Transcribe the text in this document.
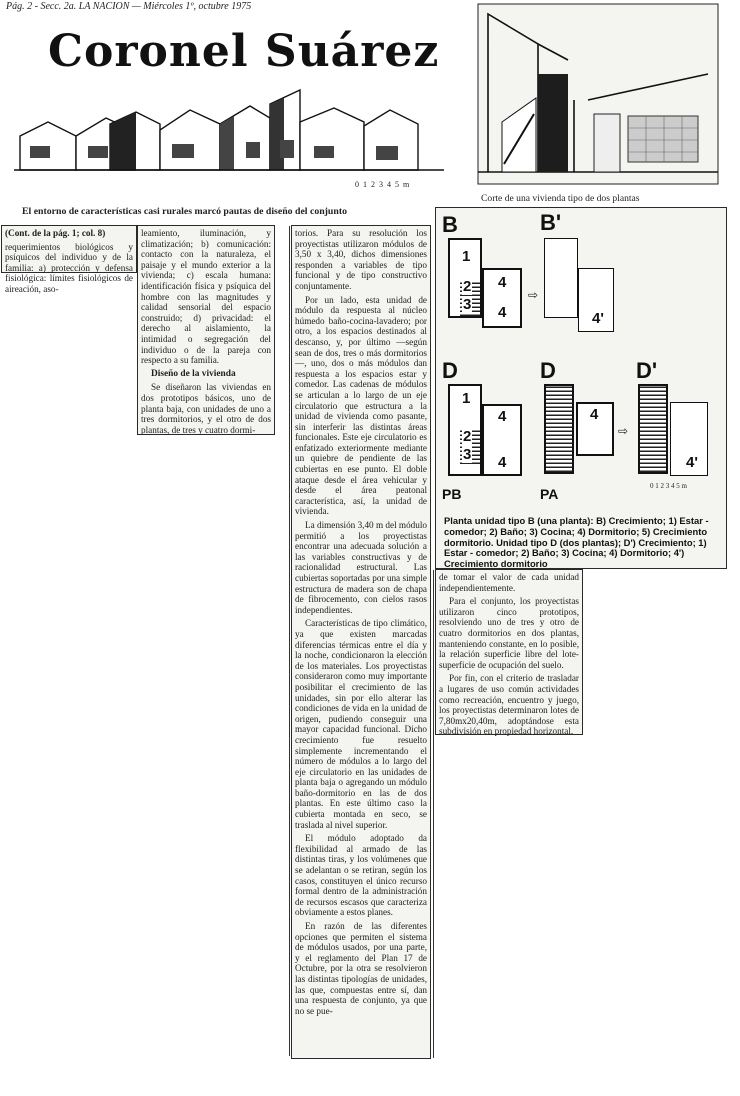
Pág. 2 - Secc. 2a. LA NACION — Miércoles 1º, octubre 1975
Coronel Suárez
0 1 2 3 4 5 m
Corte de una vivienda tipo de dos plantas
El entorno de características casi rurales marcó pautas de diseño del conjunto

(Cont. de la pág. 1; col. 8)

requerimientos biológicos y psíquicos del individuo y de la familia: a) protección y defensa fisiológica: límites fisiológicos de aireación, aso-

leamiento, iluminación, y climatización; b) comunicación: contacto con la naturaleza, el paisaje y el mundo exterior a la vivienda; c) escala humana: identificación física y psíquica del hombre con las magnitudes y calidad sensorial del espacio construido; d) privacidad: el derecho al aislamiento, la intimidad o segregación del individuo o de la pareja con respecto a su familia.

Diseño de la vivienda

Se diseñaron las viviendas en dos prototipos básicos, uno de planta baja, con unidades de uno a tres dormitorios, y el otro de dos plantas, de tres y cuatro dormi-

torios. Para su resolución los proyectistas utilizaron módulos de 3,50 x 3,40, dichos dimensiones responden a variables de tipo funcional y de tipo constructivo conjuntamente.

Por un lado, esta unidad de módulo da respuesta al núcleo húmedo baño-cocina-lavadero; por otro, a los espacios destinados al descanso, y, por último —según sean de dos, tres o más dormitorios—, uno, dos o más módulos dan respuesta a los espacios estar y comedor. Las cadenas de módulos se articulan a lo largo de un eje circulatorio que estructura a la unidad de vivienda como pasante, sin interferir las distintas áreas funcionales. Este eje circulatorio es enfatizado exteriormente mediante un quiebre de pendiente de las cubiertas en ese punto. El doble ataque desde el área vehicular y desde el área peatonal característica, así, la unidad de vivienda.

La dimensión 3,40 m del módulo permitió a los proyectistas encontrar una adecuada solución a las variables constructivas y de racionalidad estructural. Las cubiertas soportadas por una simple estructura de madera son de chapa de fibrocemento, con cielos rasos independientes.

Características de tipo climático, ya que existen marcadas diferencias térmicas entre el día y la noche, condicionaron la elección de los materiales. Los proyectistas consideraron como muy importante posibilitar el crecimiento de las unidades, sin por ello alterar las condiciones de vida en la unidad de origen, pudiendo conseguir una mayor capacidad funcional. Dicho crecimiento fue resuelto simplemente incrementando el número de módulos a lo largo del eje circulatorio en las unidades de planta baja o agregando un módulo baño-dormitorio en las de dos plantas. En este último caso la cubierta montada en seco, se traslada al nivel superior.

El módulo adoptado da flexibilidad al armado de las distintas tiras, y los volúmenes que se adelantan o se retiran, según los casos, constituyen el único recurso formal dentro de la administración de recursos escasos que caracteriza obviamente a estos planes.

En razón de las diferentes opciones que permiten el sistema de módulos usados, por una parte, y el reglamento del Plan 17 de Octubre, por la otra se resolvieron las distintas tipologías de unidades, las que, compuestas entre sí, dan una respuesta de conjunto, ya que no se pue-

de tomar el valor de cada unidad independientemente.

Para el conjunto, los proyectistas utilizaron cinco prototipos, resolviendo uno de tres y otro de cuatro dormitorios en dos plantas, manteniendo constante, en lo posible, la relación superficie libre del lote-superficie de ocupación del suelo.

Por fin, con el criterio de trasladar a lugares de uso común actividades como recreación, encuentro y juego, los proyectistas determinaron lotes de 7,80mx20,40m, adoptándose esta subdivisión en propiedad horizontal.

B	B'
1
2
3
4
4
⇨
4'
D	D	D'
1
2
3
4
4
4
⇨
4'
PB	PA	0 1 2 3 4 5 m
Planta unidad tipo B (una planta): B) Crecimiento; 1) Estar - comedor; 2) Baño; 3) Cocina; 4) Dormitorio; 5) Crecimiento dormitorio. Unidad tipo D (dos plantas); D') Crecimiento; 1) Estar - comedor; 2) Baño; 3) Cocina; 4) Dormitorio; 4') Crecimiento dormitorio
